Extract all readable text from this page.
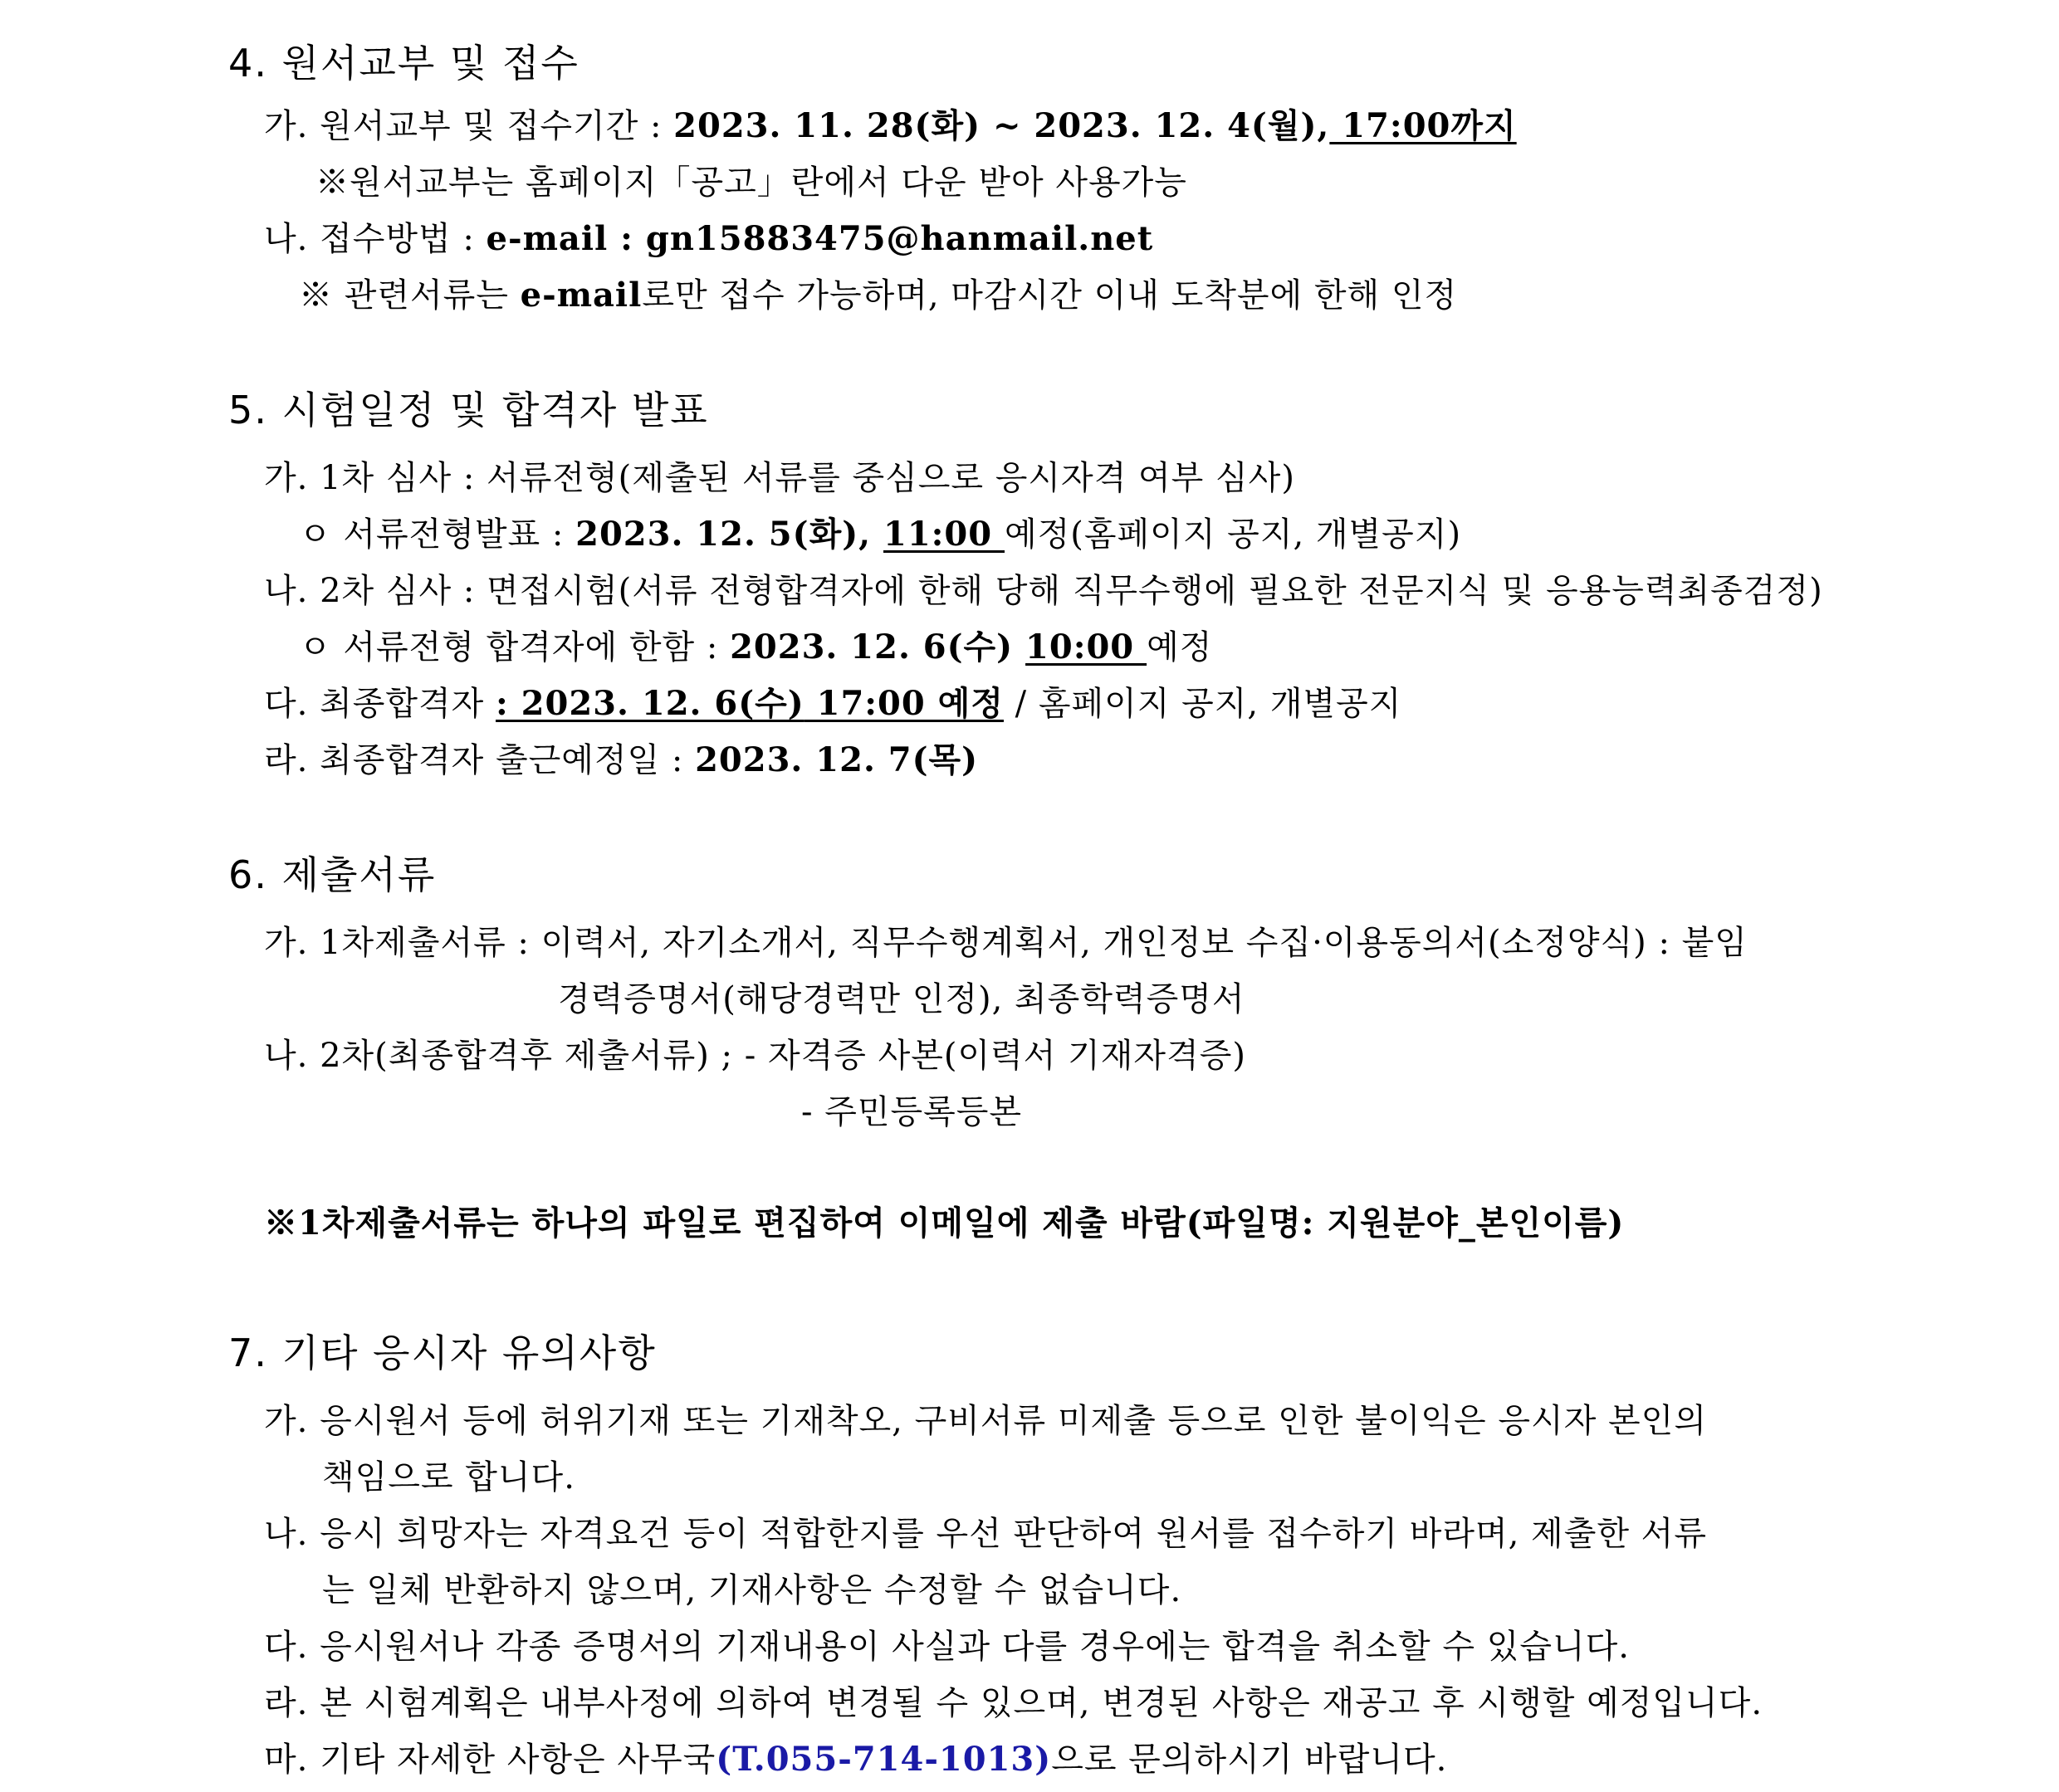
4. 원서교부 및 접수

가. 원서교부 및 접수기간 : 2023. 11. 28(화) ~ 2023. 12. 4(월), 17:00까지

※원서교부는 홈페이지「공고」란에서 다운 받아 사용가능

나. 접수방법 : e-mail : gn15883475@hanmail.net

※ 관련서류는 e-mail로만 접수 가능하며, 마감시간 이내 도착분에 한해 인정

5. 시험일정 및 합격자 발표

가. 1차 심사 : 서류전형(제출된 서류를 중심으로 응시자격 여부 심사)

ㅇ 서류전형발표 : 2023. 12. 5(화), 11:00 예정(홈페이지 공지, 개별공지)

나. 2차 심사 : 면접시험(서류 전형합격자에 한해 당해 직무수행에 필요한 전문지식 및 응용능력최종검정)

ㅇ 서류전형 합격자에 한함 : 2023. 12. 6(수) 10:00 예정

다. 최종합격자 : 2023. 12. 6(수) 17:00 예정 / 홈페이지 공지, 개별공지

라. 최종합격자 출근예정일 : 2023. 12. 7(목)

6. 제출서류

가. 1차제출서류 : 이력서, 자기소개서, 직무수행계획서, 개인정보 수집·이용동의서(소정양식) : 붙임

경력증명서(해당경력만 인정), 최종학력증명서

나. 2차(최종합격후 제출서류) ; - 자격증 사본(이력서 기재자격증)

- 주민등록등본

※1차제출서류는 하나의 파일로 편집하여 이메일에 제출 바람(파일명: 지원분야_본인이름)

7. 기타 응시자 유의사항

가. 응시원서 등에 허위기재 또는 기재착오, 구비서류 미제출 등으로 인한 불이익은 응시자 본인의

책임으로 합니다.

나. 응시 희망자는 자격요건 등이 적합한지를 우선 판단하여 원서를 접수하기 바라며, 제출한 서류

는 일체 반환하지 않으며, 기재사항은 수정할 수 없습니다.

다. 응시원서나 각종 증명서의 기재내용이 사실과 다를 경우에는 합격을 취소할 수 있습니다.

라. 본 시험계획은 내부사정에 의하여 변경될 수 있으며, 변경된 사항은 재공고 후 시행할 예정입니다.

마. 기타 자세한 사항은 사무국(T.055-714-1013)으로 문의하시기 바랍니다.
